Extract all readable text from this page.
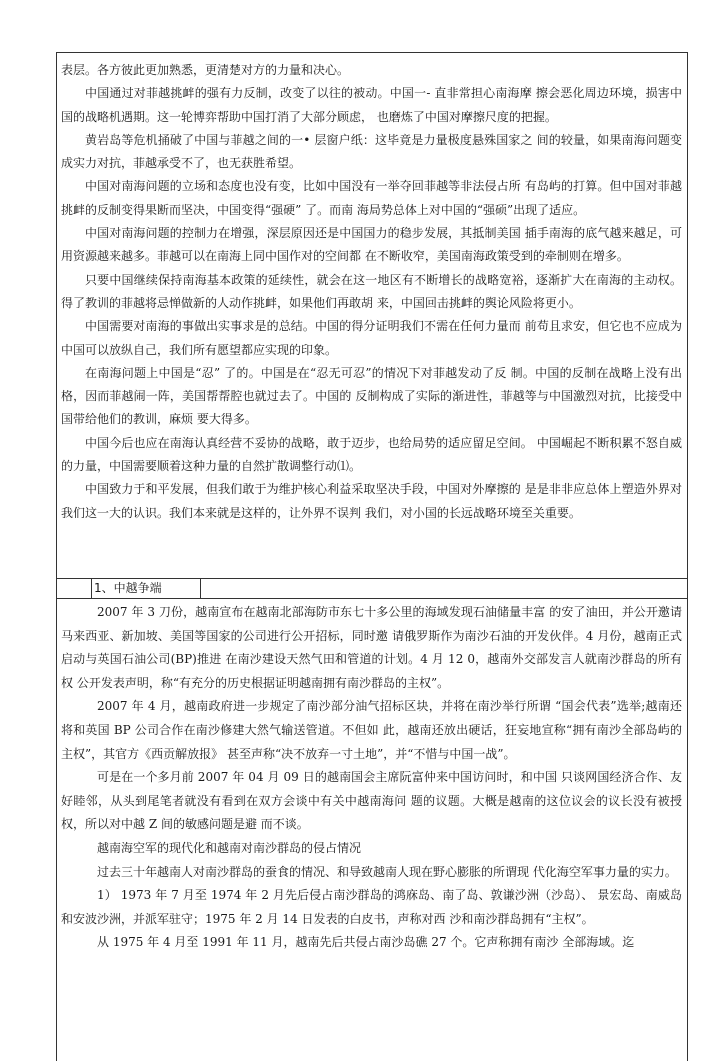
表层。各方彼此更加熟悉，更清楚对方的力量和决心。

中国通过对菲越挑衅的强有力反制，改变了以往的被动。中国一- 直非常担心南海摩 擦会恶化周边环境，损害中国的战略机遇期。这一轮博弈帮助中国打消了大部分顾虑， 也磨炼了中国对摩擦尺度的把握。

黄岩岛等危机捅破了中国与菲越之间的一• 层窗户纸：这毕竟是力量极度悬殊国家之 间的较量，如果南海问题变成实力对抗，菲越承受不了，也无获胜希望。

中国对南海问题的立场和态度也没有变，比如中国没有一举夺回菲越等非法侵占所 有岛屿的打算。但中国对菲越挑衅的反制变得果断而坚决，中国变得“强硬” 了。而南 海局势总体上对中国的“强硕”出现了适应。

中国对南海问题的控制力在增强，深层原因还是中国国力的稳步发展，其抵制美国 插手南海的底气越来越足，可用资源越来越多。菲越可以在南海上同中国作对的空间都 在不断收窄，美国南海政策受到的牵制则在增多。

只要中国继续保持南海基本政策的延续性，就会在这一地区有不断增长的战略宽裕，逐渐扩大在南海的主动权。得了教训的菲越将忌惮做新的人动作挑衅，如果他们再敢胡 来，中国回击挑衅的舆论风险将更小。

中国需要对南海的事做出实事求是的总结。中国的得分证明我们不需在任何力量而 前苟且求安，但它也不应成为中国可以放纵自己，我们所有愿望都应实现的印象。

在南海问题上中国是“忍” 了的。中国是在“忍无可忍”的情况下对菲越发动了反 制。中国的反制在战略上没有出格，因而菲越闹一阵，美国帮帮腔也就过去了。中国的 反制构成了实际的渐进性，菲越等与中国激烈对抗，比接受中国带给他们的教训，麻烦 要大得多。

中国今后也应在南海认真经营不妥协的战略，敢于迈步，也给局势的适应留足空间。 中国崛起不断积累不怒自威的力量，中国需要顺着这种力量的自然扩散调整行动⑴。

中国致力于和平发展，但我们敢于为维护核心利益采取坚决手段，中国对外摩擦的 是是非非应总体上塑造外界对我们这一大的认识。我们本来就是这样的，让外界不误判 我们，对小国的长远战略环境至关重要。

1、中越争端

2007 年 3 刀份，越南宣布在越南北部海防市东七十多公里的海域发现石油储量丰富 的安了油田，并公开邀请马来西亚、新加坡、美国等国家的公司进行公开招标，同时邀 请俄罗斯作为南沙石油的开发伙伴。4 月份，越南正式启动与英国石油公司(BP)推进 在南沙建设天然气田和管道的计划。4 月 12 0，越南外交部发言人就南沙群岛的所有权 公开发表声明，称“有充分的历史根据证明越南拥有南沙群岛的主权”。

2007 年 4 月，越南政府进一步规定了南沙部分油气招标区块，并将在南沙举行所谓 “国会代表”选举;越南还将和英国 BP 公司合作在南沙修建大然气输送管道。不但如 此，越南还放出硬话，狂妄地宣称“拥有南沙全部岛屿的主权”，其官方《西贡解放报》 甚至声称“决不放弃一寸土地”，并“不惜与中国一战”。

可是在一个多月前 2007 年 04 月 09 日的越南国会主席阮富仲来中国访问时，和中国 只谈网国经济合作、友好睦邻，从头到尾笔者就没有看到在双方会谈中有关中越南海问 题的议题。大概是越南的这位议会的议长没有被授权，所以对中越 Z 间的敏感问题是避 而不谈。

越南海空军的现代化和越南对南沙群岛的侵占情况

过去三十年越南人对南沙群岛的蚕食的情况、和导致越南人现在野心膨胀的所谓现 代化海空军事力量的实力。

1） 1973 年 7 月至 1974 年 2 月先后侵占南沙群岛的鸿庥岛、南了岛、敦谦沙洲（沙岛）、 景宏岛、南威岛和安波沙洲，并派军驻守；1975 年 2 月 14 日发表的白皮书，声称对西 沙和南沙群岛拥有“主权”。

从 1975 年 4 月至 1991 年 11 月，越南先后共侵占南沙岛礁 27 个。它声称拥有南沙 全部海域。迄
